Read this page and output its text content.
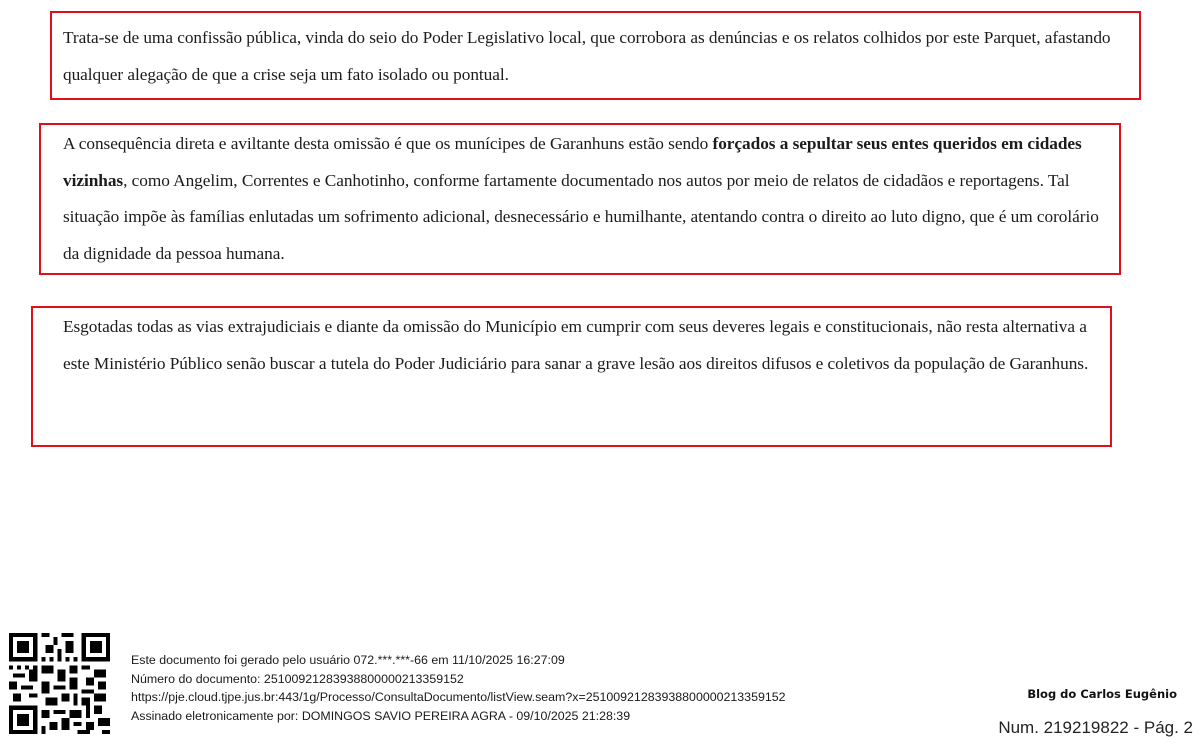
Trata-se de uma confissão pública, vinda do seio do Poder Legislativo local, que corrobora as denúncias e os relatos colhidos por este Parquet, afastando qualquer alegação de que a crise seja um fato isolado ou pontual.

A consequência direta e aviltante desta omissão é que os munícipes de Garanhuns estão sendo forçados a sepultar seus entes queridos em cidades vizinhas, como Angelim, Correntes e Canhotinho, conforme fartamente documentado nos autos por meio de relatos de cidadãos e reportagens. Tal situação impõe às famílias enlutadas um sofrimento adicional, desnecessário e humilhante, atentando contra o direito ao luto digno, que é um corolário da dignidade da pessoa humana.

Esgotadas todas as vias extrajudiciais e diante da omissão do Município em cumprir com seus deveres legais e constitucionais, não resta alternativa a este Ministério Público senão buscar a tutela do Poder Judiciário para sanar a grave lesão aos direitos difusos e coletivos da população de Garanhuns.

Este documento foi gerado pelo usuário 072.***.***-66 em 11/10/2025 16:27:09
Número do documento: 25100921283938800000213359152
https://pje.cloud.tjpe.jus.br:443/1g/Processo/ConsultaDocumento/listView.seam?x=25100921283938800000213359152
Assinado eletronicamente por: DOMINGOS SAVIO PEREIRA AGRA - 09/10/2025 21:28:39
Blog do Carlos Eugênio
Num. 219219822 - Pág. 2
